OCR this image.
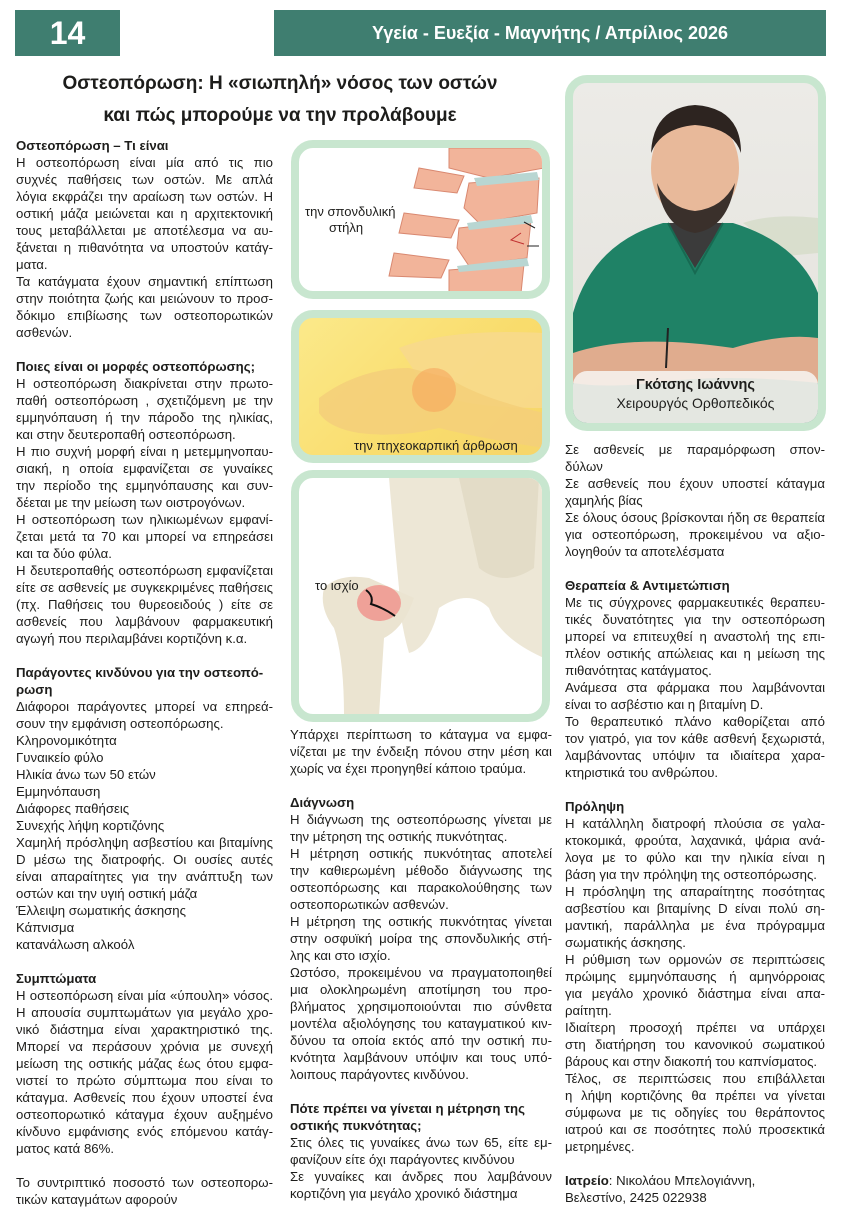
14	Υγεία - Ευεξία - Μαγνήτης / Απρίλιος 2026
Οστεοπόρωση: Η «σιωπηλή» νόσος των οστών
και πώς μπορούμε να την προλάβουμε
Οστεοπόρωση – Τι είναι
Η οστεοπόρωση είναι μία από τις πιο
συχνές παθήσεις των οστών. Με απλά
λόγια εκφράζει την αραίωση των οστών. Η
οστική μάζα μειώνεται και η αρχιτεκτονική
τους μεταβάλλεται με αποτέλεσμα να αυ-
ξάνεται η πιθανότητα να υποστούν κατάγ-
ματα.
Τα κατάγματα έχουν σημαντική επίπτωση
στην ποιότητα ζωής και μειώνουν το προσ-
δόκιμο επιβίωσης των οστεοπορωτικών
ασθενών.
Ποιες είναι οι μορφές οστεοπόρωσης;
Η οστεοπόρωση διακρίνεται στην πρωτο-
παθή οστεοπόρωση , σχετιζόμενη με την
εμμηνόπαυση ή την πάροδο της ηλικίας,
και στην δευτεροπαθή οστεοπόρωση.
Η πιο συχνή μορφή είναι η μετεμμηνοπαυ-
σιακή, η οποία εμφανίζεται σε γυναίκες
την περίοδο της εμμηνόπαυσης και συν-
δέεται με την μείωση των οιστρογόνων.
Η οστεοπόρωση των ηλικιωμένων εμφανί-
ζεται μετά τα 70 και μπορεί να επηρεάσει
και τα δύο φύλα.
Η δευτεροπαθής οστεοπόρωση εμφανίζεται
είτε σε ασθενείς με συγκεκριμένες παθήσεις
(πχ. Παθήσεις του θυρεοειδούς ) είτε σε
ασθενείς που λαμβάνουν φαρμακευτική
αγωγή που περιλαμβάνει κορτιζόνη κ.α.
Παράγοντες κινδύνου για την οστεοπό-
ρωση
Διάφοροι παράγοντες μπορεί να επηρεά-
σουν την εμφάνιση οστεοπόρωσης.
Κληρονομικότητα
Γυναικείο φύλο
Ηλικία άνω των 50 ετών
Εμμηνόπαυση
Διάφορες παθήσεις
Συνεχής λήψη κορτιζόνης
Χαμηλή πρόσληψη ασβεστίου και βιταμίνης
D μέσω της διατροφής. Οι ουσίες αυτές
είναι απαραίτητες για την ανάπτυξη των
οστών και την υγιή οστική μάζα
Έλλειψη σωματικής άσκησης
Κάπνισμα
κατανάλωση αλκοόλ
Συμπτώματα
Η οστεοπόρωση είναι μία «ύπουλη» νόσος.
Η απουσία συμπτωμάτων για μεγάλο χρο-
νικό διάστημα είναι χαρακτηριστικό της.
Μπορεί να περάσουν χρόνια με συνεχή
μείωση της οστικής μάζας έως ότου εμφα-
νιστεί το πρώτο σύμπτωμα που είναι το
κάταγμα. Ασθενείς που έχουν υποστεί ένα
οστεοπορωτικό κάταγμα έχουν αυξημένο
κίνδυνο εμφάνισης ενός επόμενου κατάγ-
ματος κατά 86%.
Το συντριπτικό ποσοστό των οστεοπορω-
τικών καταγμάτων αφορούν
την σπονδυλική
στήλη
την πηχεοκαρπική άρθρωση
το ισχίο
Υπάρχει περίπτωση το κάταγμα να εμφα-
νίζεται με την ένδειξη πόνου στην μέση και
χωρίς να έχει προηγηθεί κάποιο τραύμα.
Διάγνωση
Η διάγνωση της οστεοπόρωσης γίνεται με
την μέτρηση της οστικής πυκνότητας.
Η μέτρηση οστικής πυκνότητας αποτελεί
την καθιερωμένη μέθοδο διάγνωσης της
οστεοπόρωσης και παρακολούθησης των
οστεοπορωτικών ασθενών.
Η μέτρηση της οστικής πυκνότητας γίνεται
στην οσφυϊκή μοίρα της σπονδυλικής στή-
λης και στο ισχίο.
Ωστόσο, προκειμένου να πραγματοποιηθεί
μια ολοκληρωμένη αποτίμηση του προ-
βλήματος χρησιμοποιούνται πιο σύνθετα
μοντέλα αξιολόγησης του καταγματικού κιν-
δύνου τα οποία εκτός από την οστική πυ-
κνότητα λαμβάνουν υπόψιν και τους υπό-
λοιπους παράγοντες κινδύνου.
Πότε πρέπει να γίνεται η μέτρηση της
οστικής πυκνότητας;
Στις όλες τις γυναίκες άνω των 65, είτε εμ-
φανίζουν είτε όχι παράγοντες κινδύνου
Σε γυναίκες και άνδρες που λαμβάνουν
κορτιζόνη για μεγάλο χρονικό διάστημα
Γκότσης Ιωάννης
Χειρουργός Ορθοπεδικός
Σε ασθενείς με παραμόρφωση σπον-
δύλων
Σε ασθενείς που έχουν υποστεί κάταγμα
χαμηλής βίας
Σε όλους όσους βρίσκονται ήδη σε θεραπεία
για οστεοπόρωση, προκειμένου να αξιο-
λογηθούν τα αποτελέσματα
Θεραπεία & Αντιμετώπιση
Με τις σύγχρονες φαρμακευτικές θεραπευ-
τικές δυνατότητες για την οστεοπόρωση
μπορεί να επιτευχθεί η αναστολή της επι-
πλέον οστικής απώλειας και η μείωση της
πιθανότητας κατάγματος.
Ανάμεσα στα φάρμακα που λαμβάνονται
είναι το ασβέστιο και η βιταμίνη D.
Το θεραπευτικό πλάνο καθορίζεται από
τον γιατρό, για τον κάθε ασθενή ξεχωριστά,
λαμβάνοντας υπόψιν τα ιδιαίτερα χαρα-
κτηριστικά του ανθρώπου.
Πρόληψη
Η κατάλληλη διατροφή πλούσια σε γαλα-
κτοκομικά, φρούτα, λαχανικά, ψάρια ανά-
λογα με το φύλο και την ηλικία είναι η
βάση για την πρόληψη της οστεοπόρωσης.
Η πρόσληψη της απαραίτητης ποσότητας
ασβεστίου και βιταμίνης D είναι πολύ ση-
μαντική, παράλληλα με ένα πρόγραμμα
σωματικής άσκησης.
Η ρύθμιση των ορμονών σε περιπτώσεις
πρώιμης εμμηνόπαυσης ή αμηνόρροιας
για μεγάλο χρονικό διάστημα είναι απα-
ραίτητη.
Ιδιαίτερη προσοχή πρέπει να υπάρχει
στη διατήρηση του κανονικού σωματικού
βάρους και στην διακοπή του καπνίσματος.
Τέλος, σε περιπτώσεις που επιβάλλεται
η λήψη κορτιζόνης θα πρέπει να γίνεται
σύμφωνα με τις οδηγίες του θεράποντος
ιατρού και σε ποσότητες πολύ προσεκτικά
μετρημένες.
Ιατρείο: Νικολάου Μπελογιάννη,
Βελεστίνο, 2425 022938
